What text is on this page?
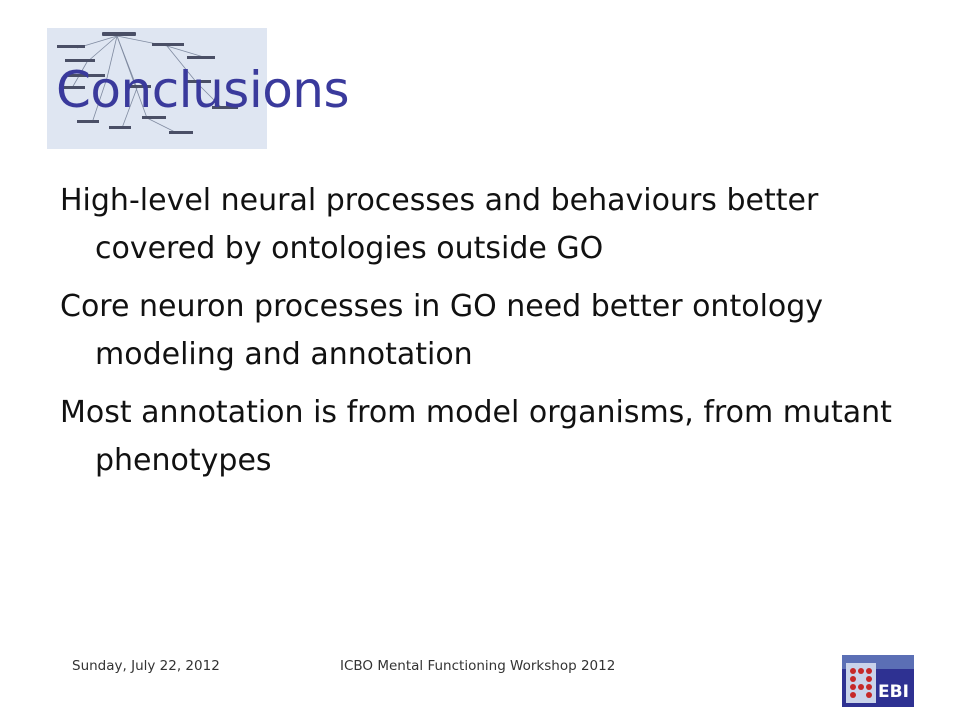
Conclusions
High-level neural processes and behaviours better covered by ontologies outside GO
Core neuron processes in GO need better ontology modeling and annotation
Most annotation is from model organisms, from mutant phenotypes
Sunday, July 22, 2012	ICBO Mental Functioning Workshop 2012
EBI
